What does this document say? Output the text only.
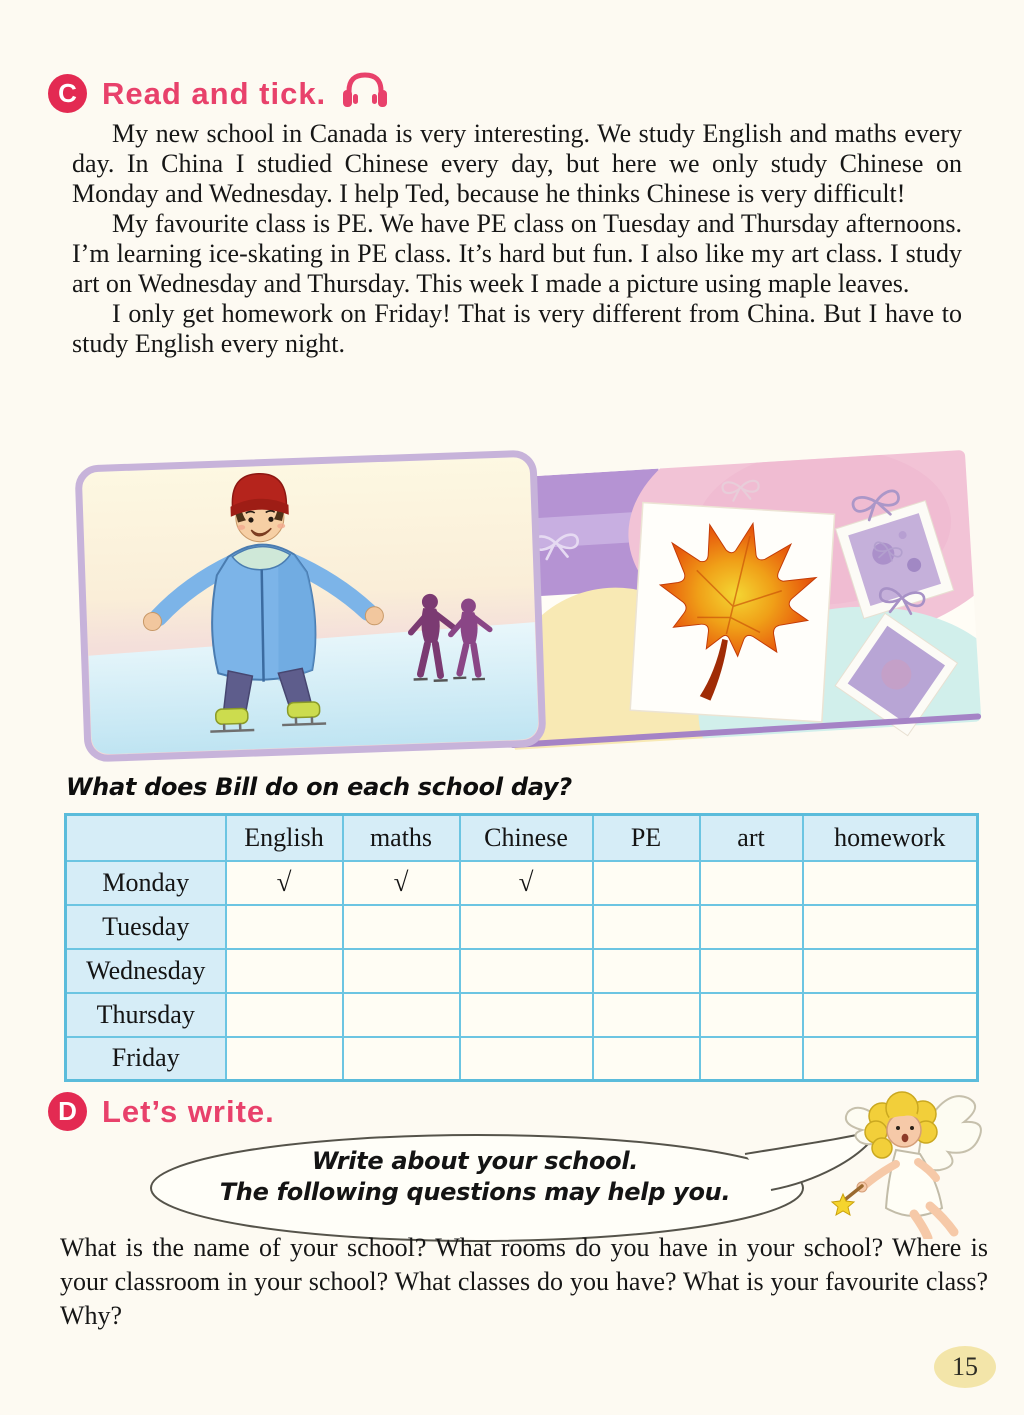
C Read and tick.

My new school in Canada is very interesting. We study English and maths every day. In China I studied Chinese every day, but here we only study Chinese on Monday and Wednesday. I help Ted, because he thinks Chinese is very difficult!

My favourite class is PE. We have PE class on Tuesday and Thursday afternoons. I’m learning ice-skating in PE class. It’s hard but fun. I also like my art class. I study art on Wednesday and Thursday. This week I made a picture using maple leaves.

I only get homework on Friday! That is very different from China. But I have to study English every night.

What does Bill do on each school day?
	English	maths	Chinese	PE	art	homework
Monday	√	√	√			
Tuesday						
Wednesday						
Thursday						
Friday						
D Let’s write.
Write about your school.
The following questions may help you.
What is the name of your school? What rooms do you have in your school? Where is your classroom in your school? What classes do you have? What is your favourite class? Why?
15
